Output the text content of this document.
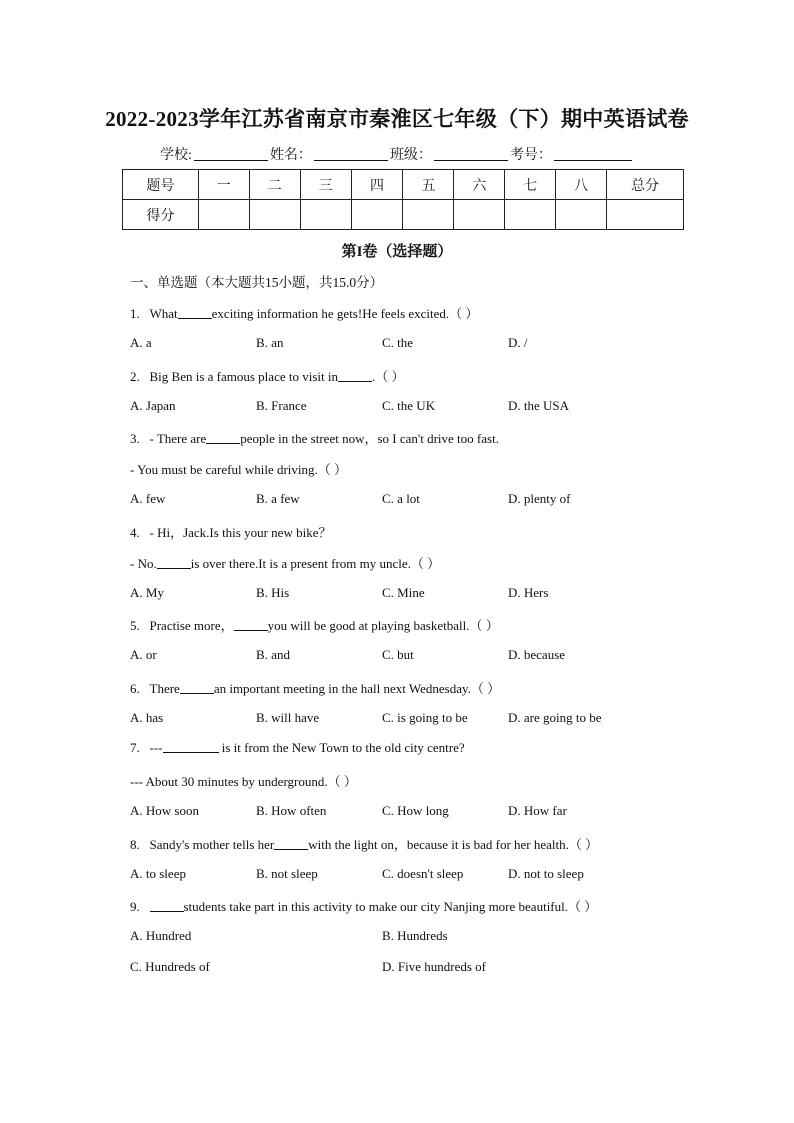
2022-2023学年江苏省南京市秦淮区七年级（下）期中英语试卷
学校:	姓名：	班级：	考号：
题号	一	二	三	四	五	六	七	八	总分
得分									
第I卷（选择题）
一、单选题（本大题共15小题，共15.0分）
1. What	exciting information he gets!He feels excited.（ ）
A. a	B. an	C. the	D. /
2. Big Ben is a famous place to visit in	.（ ）
A. Japan	B. France	C. the UK	D. the USA
3. - There are	people in the street now，so I can't drive too fast.
- You must be careful while driving.（ ）
A. few	B. a few	C. a lot	D. plenty of
4. - Hi，Jack.Is this your new bike？
- No.	is over there.It is a present from my uncle.（ ）
A. My	B. His	C. Mine	D. Hers
5. Practise more，	you will be good at playing basketball.（ ）
A. or	B. and	C. but	D. because
6. There	an important meeting in the hall next Wednesday.（ ）
A. has	B. will have	C. is going to be	D. are going to be
7. ---	is it from the New Town to the old city centre?
--- About 30 minutes by underground.（ ）
A. How soon	B. How often	C. How long	D. How far
8. Sandy's mother tells her	with the light on，because it is bad for her health.（ ）
A. to sleep	B. not sleep	C. doesn't sleep	D. not to sleep
9.	students take part in this activity to make our city Nanjing more beautiful.（ ）
A. Hundred	B. Hundreds
C. Hundreds of	D. Five hundreds of
